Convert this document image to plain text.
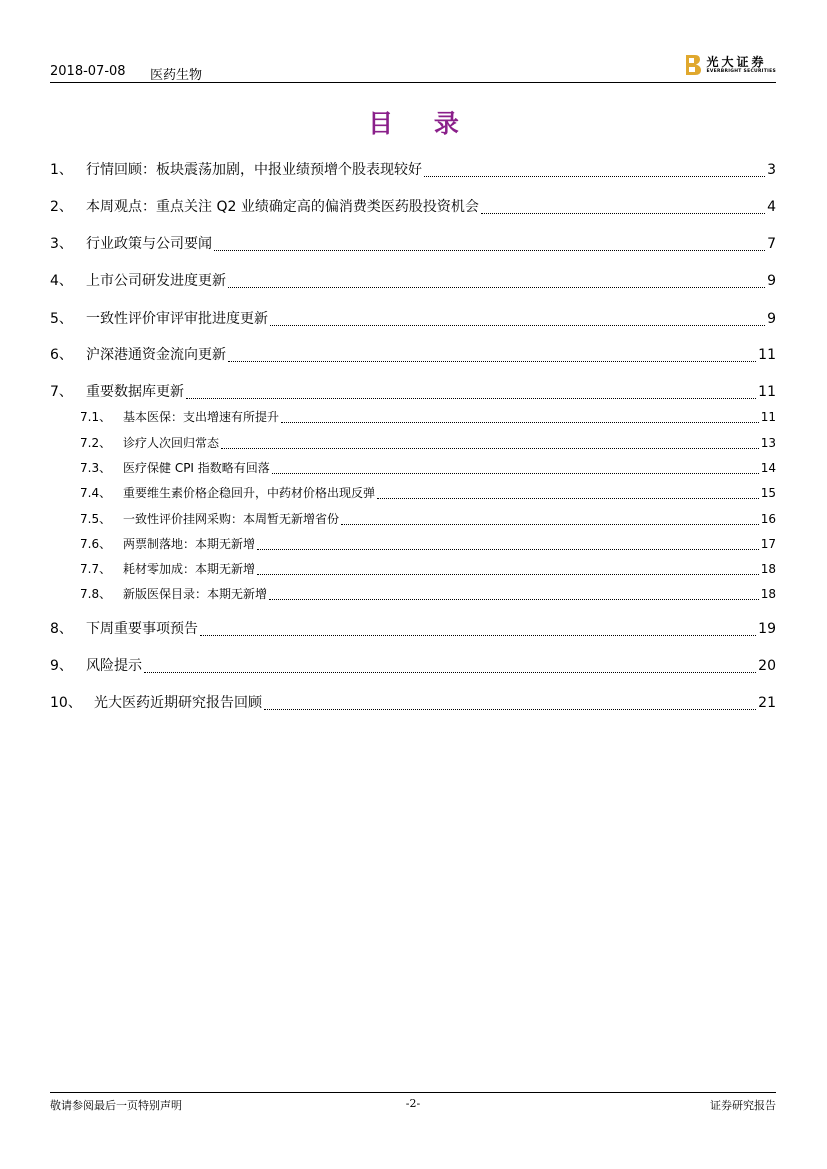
2018-07-08 医药生物
光大证券
EVERBRIGHT SECURITIES
目 录
1、 行情回顾：板块震荡加剧，中报业绩预增个股表现较好	3
2、 本周观点：重点关注 Q2 业绩确定高的偏消费类医药股投资机会	4
3、 行业政策与公司要闻	7
4、 上市公司研发进度更新	9
5、 一致性评价审评审批进度更新	9
6、 沪深港通资金流向更新	11
7、 重要数据库更新	11
7.1、 基本医保：支出增速有所提升	11
7.2、 诊疗人次回归常态	13
7.3、 医疗保健 CPI 指数略有回落	14
7.4、 重要维生素价格企稳回升，中药材价格出现反弹	15
7.5、 一致性评价挂网采购：本周暂无新增省份	16
7.6、 两票制落地：本期无新增	17
7.7、 耗材零加成：本期无新增	18
7.8、 新版医保目录：本期无新增	18
8、 下周重要事项预告	19
9、 风险提示	20
10、 光大医药近期研究报告回顾	21
敬请参阅最后一页特别声明	-2-	证券研究报告
